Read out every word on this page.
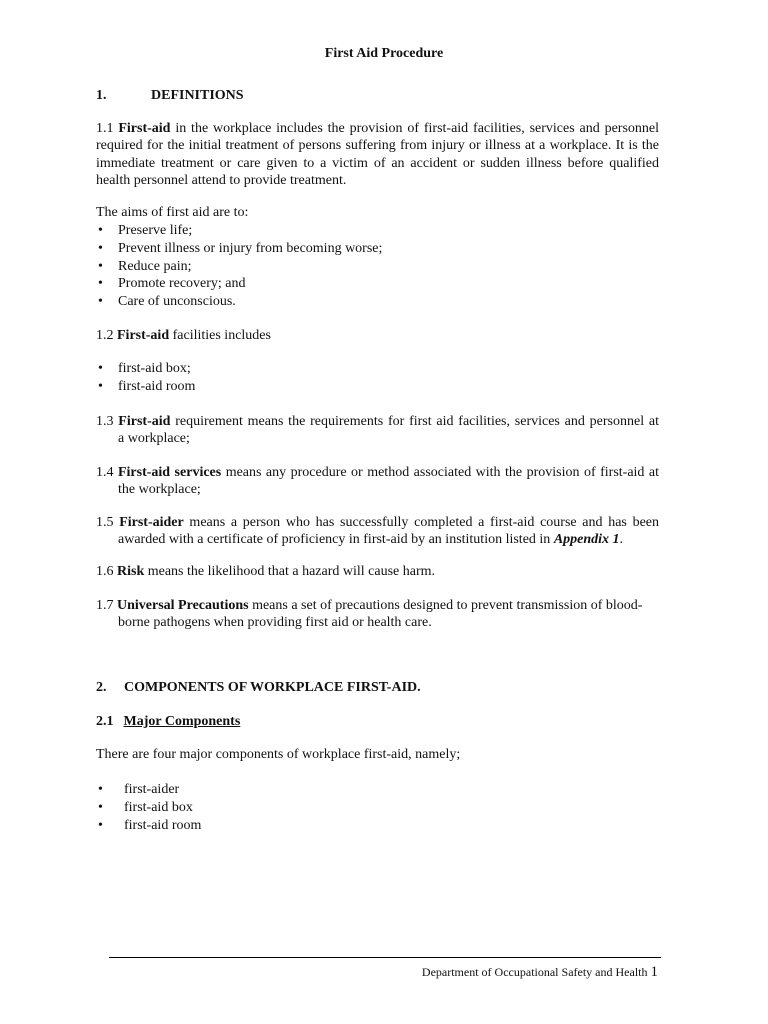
First Aid Procedure
1.	DEFINITIONS
1.1 First-aid in the workplace includes the provision of first-aid facilities, services and personnel required for the initial treatment of persons suffering from injury or illness at a workplace. It is the immediate treatment or care given to a victim of an accident or sudden illness before qualified health personnel attend to provide treatment.
The aims of first aid are to:
• Preserve life;
• Prevent illness or injury from becoming worse;
• Reduce pain;
• Promote recovery; and
• Care of unconscious.
1.2 First-aid facilities includes
• first-aid box;
• first-aid room
1.3 First-aid requirement means the requirements for first aid facilities, services and personnel at
a workplace;
1.4 First-aid services means any procedure or method associated with the provision of first-aid at
the workplace;
1.5 First-aider means a person who has successfully completed a first-aid course and has been
awarded with a certificate of proficiency in first-aid by an institution listed in Appendix 1.
1.6 Risk means the likelihood that a hazard will cause harm.
1.7 Universal Precautions means a set of precautions designed to prevent transmission of blood-
borne pathogens when providing first aid or health care.
2. COMPONENTS OF WORKPLACE FIRST-AID.
2.1 Major Components
There are four major components of workplace first-aid, namely;
• first-aider
• first-aid box
• first-aid room
Department of Occupational Safety and Health 1
